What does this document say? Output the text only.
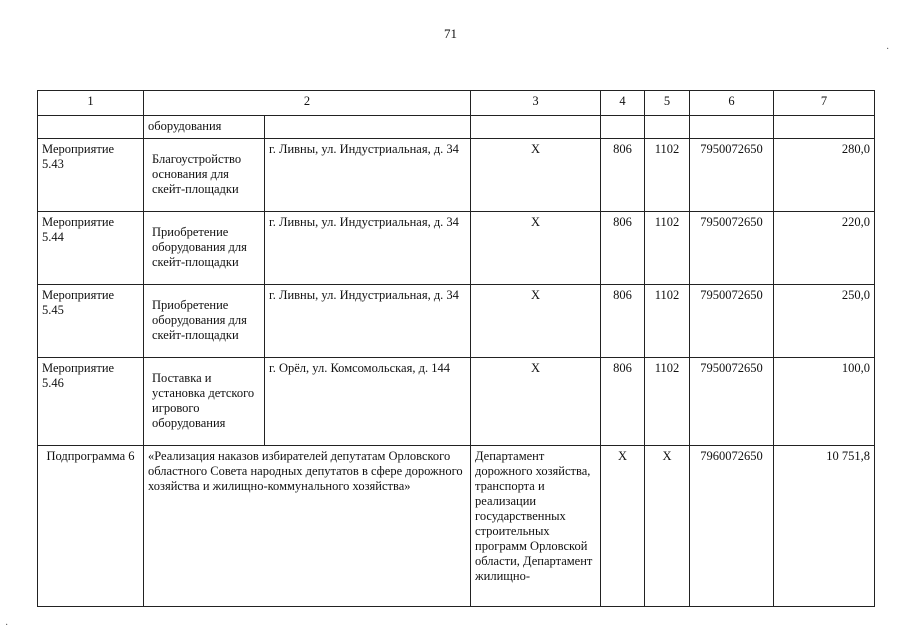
71
1	2		3	4	5	6	7
	оборудования						
Мероприятие 5.43	Благоустройство основания для скейт-площадки	г. Ливны, ул. Индустриальная, д. 34	Х	806	1102	7950072650	280,0
Мероприятие 5.44	Приобретение оборудования для скейт-площадки	г. Ливны, ул. Индустриальная, д. 34	Х	806	1102	7950072650	220,0
Мероприятие 5.45	Приобретение оборудования для скейт-площадки	г. Ливны, ул. Индустриальная, д. 34	Х	806	1102	7950072650	250,0
Мероприятие 5.46	Поставка и установка детского игрового оборудования	г. Орёл, ул. Комсомольская, д. 144	Х	806	1102	7950072650	100,0
Подпрограмма 6	«Реализация наказов избирателей депутатам Орловского областного Совета народных депутатов в сфере дорожного хозяйства и жилищно-коммунального хозяйства»		Департамент дорожного хозяйства, транспорта и реализации государственных строительных программ Орловской области, Департамент жилищно-	Х	Х	7960072650	10 751,8
·
·
